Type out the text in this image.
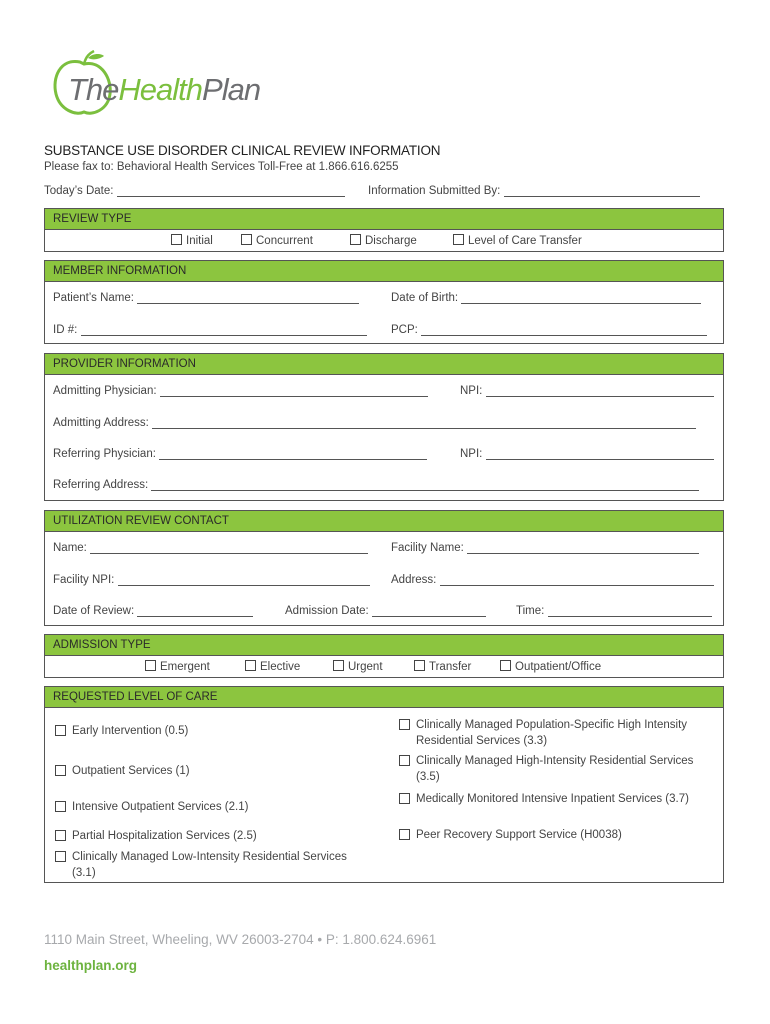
TheHealthPlan
SUBSTANCE USE DISORDER CLINICAL REVIEW INFORMATION
Please fax to: Behavioral Health Services Toll-Free at 1.866.616.6255
Today’s Date:	Information Submitted By:
REVIEW TYPE
Initial	Concurrent	Discharge	Level of Care Transfer
MEMBER INFORMATION
Patient’s Name:	Date of Birth:
ID #:	PCP:
PROVIDER INFORMATION
Admitting Physician:	NPI:
Admitting Address:
Referring Physician:	NPI:
Referring Address:
UTILIZATION REVIEW CONTACT
Name:	Facility Name:
Facility NPI:	Address:
Date of Review:	Admission Date:	Time:
ADMISSION TYPE
Emergent	Elective	Urgent	Transfer	Outpatient/Office
REQUESTED LEVEL OF CARE
Early Intervention (0.5)
Outpatient Services (1)
Intensive Outpatient Services (2.1)
Partial Hospitalization Services (2.5)
Clinically Managed Low-Intensity Residential Services (3.1)
Clinically Managed Population-Specific High Intensity Residential Services (3.3)
Clinically Managed High-Intensity Residential Services (3.5)
Medically Monitored Intensive Inpatient Services (3.7)
Peer Recovery Support Service (H0038)
1110 Main Street, Wheeling, WV 26003-2704 • P: 1.800.624.6961
healthplan.org
